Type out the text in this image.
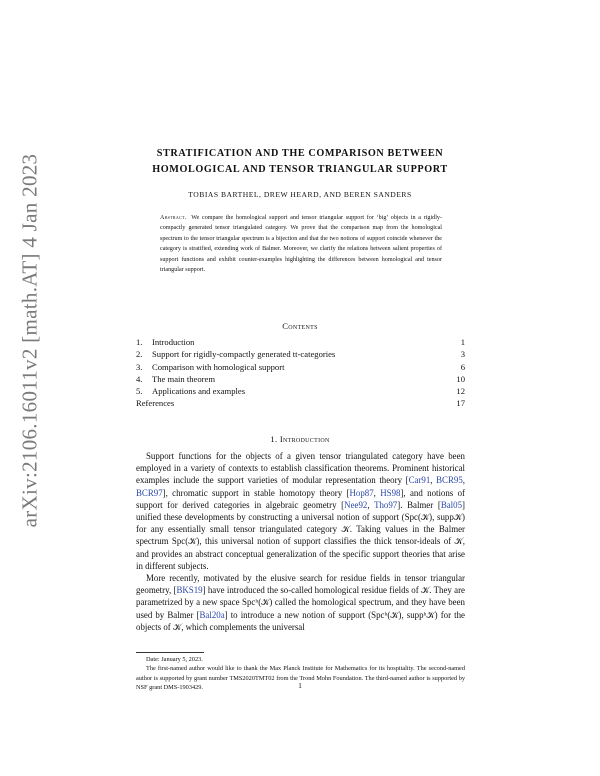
arXiv:2106.16011v2 [math.AT] 4 Jan 2023	STRATIFICATION AND THE COMPARISON BETWEEN
HOMOLOGICAL AND TENSOR TRIANGULAR SUPPORT
TOBIAS BARTHEL, DREW HEARD, AND BEREN SANDERS
Abstract. We compare the homological support and tensor triangular support for ‘big’ objects in a rigidly-compactly generated tensor triangulated category. We prove that the comparison map from the homological spectrum to the tensor triangular spectrum is a bijection and that the two notions of support coincide whenever the category is stratified, extending work of Balmer. Moreover, we clarify the relations between salient properties of support functions and exhibit counter-examples highlighting the differences between homological and tensor triangular support.
Contents
1. Introduction	1
2. Support for rigidly-compactly generated tt-categories	3
3. Comparison with homological support	6
4. The main theorem	10
5. Applications and examples	12
References	17
1. Introduction

Support functions for the objects of a given tensor triangulated category have been employed in a variety of contexts to establish classification theorems. Prominent historical examples include the support varieties of modular representation theory [Car91, BCR95, BCR97], chromatic support in stable homotopy theory [Hop87, HS98], and notions of support for derived categories in algebraic geometry [Nee92, Tho97]. Balmer [Bal05] unified these developments by constructing a universal notion of support (Spc(𝒦), supp𝒦) for any essentially small tensor triangulated category 𝒦. Taking values in the Balmer spectrum Spc(𝒦), this universal notion of support classifies the thick tensor-ideals of 𝒦, and provides an abstract conceptual generalization of the specific support theories that arise in different subjects.

More recently, motivated by the elusive search for residue fields in tensor triangular geometry, [BKS19] have introduced the so-called homological residue fields of 𝒦. They are parametrized by a new space Spcʰ(𝒦) called the homological spectrum, and they have been used by Balmer [Bal20a] to introduce a new notion of support (Spcʰ(𝒦), suppʰ𝒦) for the objects of 𝒦, which complements the universal

Date: January 5, 2023.

The first-named author would like to thank the Max Planck Institute for Mathematics for its hospitality. The second-named author is supported by grant number TMS2020TMT02 from the Trond Mohn Foundation. The third-named author is supported by NSF grant DMS-1903429.	1
